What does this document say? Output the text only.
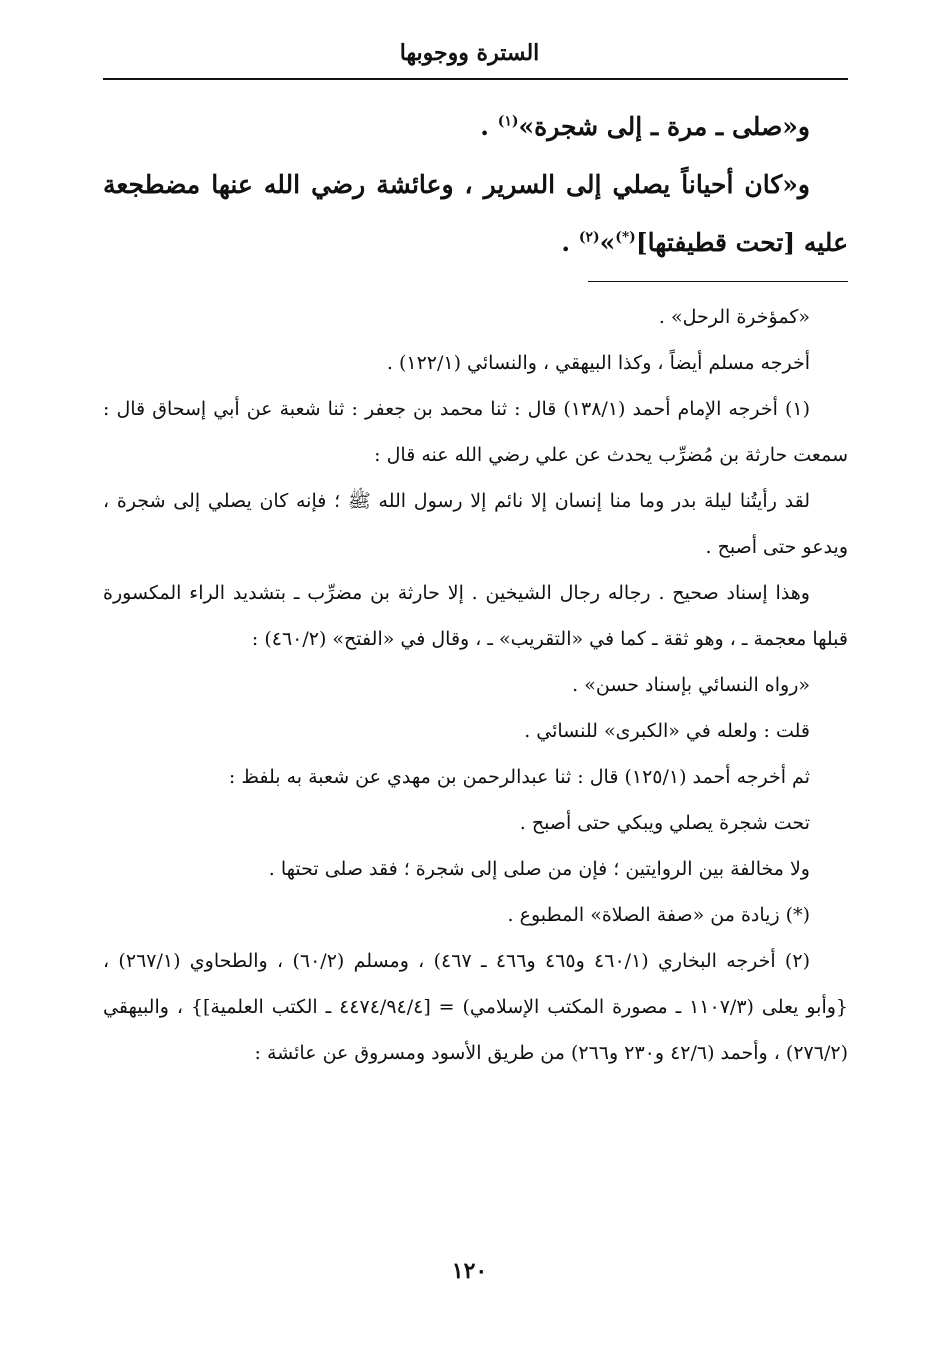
السترة ووجوبها

و«صلى ـ مرة ـ إلى شجرة»$^{(١)}$ .

و«كان أحياناً يصلي إلى السرير ، وعائشة رضي الله عنها مضطجعة عليه [تحت قطيفتها](*)»$^{(٢)}$ .

«كمؤخرة الرحل» .

أخرجه مسلم أيضاً ، وكذا البيهقي ، والنسائي (١٢٢/١) .

(١) أخرجه الإمام أحمد (١٣٨/١) قال : ثنا محمد بن جعفر : ثنا شعبة عن أبي إسحاق قال : سمعت حارثة بن مُضرِّب يحدث عن علي رضي الله عنه قال :

لقد رأيتُنا ليلة بدر وما منا إنسان إلا نائم إلا رسول الله ﷺ ؛ فإنه كان يصلي إلى شجرة ، ويدعو حتى أصبح .

وهذا إسناد صحيح . رجاله رجال الشيخين . إلا حارثة بن مضرِّب ـ بتشديد الراء المكسورة قبلها معجمة ـ ، وهو ثقة ـ كما في «التقريب» ـ ، وقال في «الفتح» (٤٦٠/٢) :

«رواه النسائي بإسناد حسن» .

قلت : ولعله في «الكبرى» للنسائي .

ثم أخرجه أحمد (١٢٥/١) قال : ثنا عبدالرحمن بن مهدي عن شعبة به بلفظ :

تحت شجرة يصلي ويبكي حتى أصبح .

ولا مخالفة بين الروايتين ؛ فإن من صلى إلى شجرة ؛ فقد صلى تحتها .

(*) زيادة من «صفة الصلاة» المطبوع .

(٢) أخرجه البخاري (٤٦٠/١ و٤٦٥ و٤٦٦ ـ ٤٦٧) ، ومسلم (٦٠/٢) ، والطحاوي (٢٦٧/١) ، {وأبو يعلى (١١٠٧/٣ ـ مصورة المكتب الإسلامي) = [٤٤٧٤/٩٤/٤ ـ الكتب العلمية]} ، والبيهقي (٢٧٦/٢) ، وأحمد (٤٢/٦ و٢٣٠ و٢٦٦) من طريق الأسود ومسروق عن عائشة :

١٢٠
